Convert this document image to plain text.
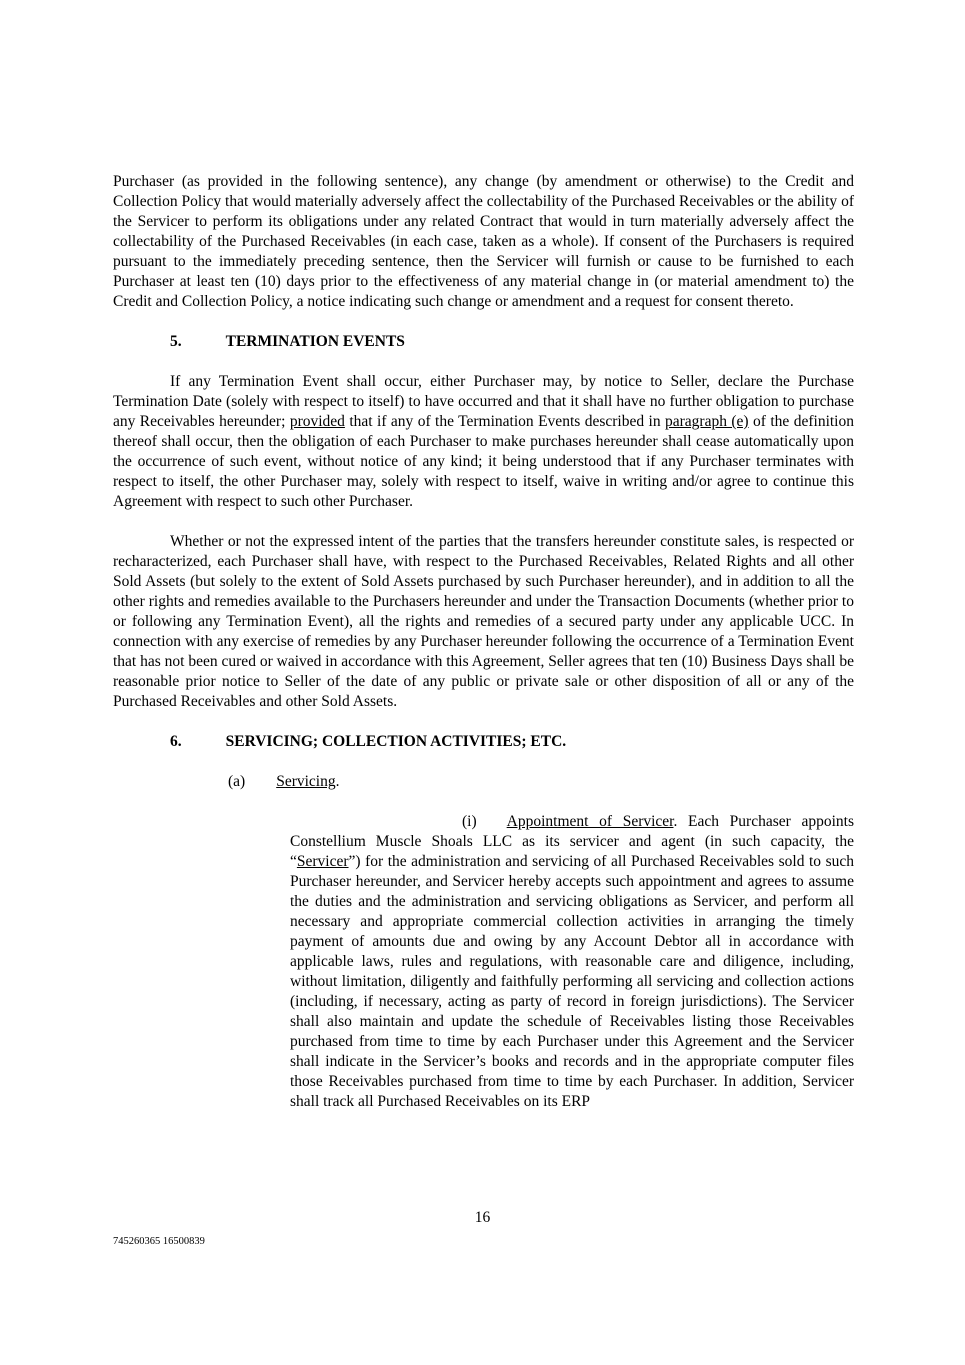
Purchaser (as provided in the following sentence), any change (by amendment or otherwise) to the Credit and Collection Policy that would materially adversely affect the collectability of the Purchased Receivables or the ability of the Servicer to perform its obligations under any related Contract that would in turn materially adversely affect the collectability of the Purchased Receivables (in each case, taken as a whole). If consent of the Purchasers is required pursuant to the immediately preceding sentence, then the Servicer will furnish or cause to be furnished to each Purchaser at least ten (10) days prior to the effectiveness of any material change in (or material amendment to) the Credit and Collection Policy, a notice indicating such change or amendment and a request for consent thereto.

5.	TERMINATION EVENTS

If any Termination Event shall occur, either Purchaser may, by notice to Seller, declare the Purchase Termination Date (solely with respect to itself) to have occurred and that it shall have no further obligation to purchase any Receivables hereunder; provided that if any of the Termination Events described in paragraph (e) of the definition thereof shall occur, then the obligation of each Purchaser to make purchases hereunder shall cease automatically upon the occurrence of such event, without notice of any kind; it being understood that if any Purchaser terminates with respect to itself, the other Purchaser may, solely with respect to itself, waive in writing and/or agree to continue this Agreement with respect to such other Purchaser.

Whether or not the expressed intent of the parties that the transfers hereunder constitute sales, is respected or recharacterized, each Purchaser shall have, with respect to the Purchased Receivables, Related Rights and all other Sold Assets (but solely to the extent of Sold Assets purchased by such Purchaser hereunder), and in addition to all the other rights and remedies available to the Purchasers hereunder and under the Transaction Documents (whether prior to or following any Termination Event), all the rights and remedies of a secured party under any applicable UCC. In connection with any exercise of remedies by any Purchaser hereunder following the occurrence of a Termination Event that has not been cured or waived in accordance with this Agreement, Seller agrees that ten (10) Business Days shall be reasonable prior notice to Seller of the date of any public or private sale or other disposition of all or any of the Purchased Receivables and other Sold Assets.

6.	SERVICING; COLLECTION ACTIVITIES; ETC.

(a) Servicing.

(i) Appointment of Servicer. Each Purchaser appoints Constellium Muscle Shoals LLC as its servicer and agent (in such capacity, the “Servicer”) for the administration and servicing of all Purchased Receivables sold to such Purchaser hereunder, and Servicer hereby accepts such appointment and agrees to assume the duties and the administration and servicing obligations as Servicer, and perform all necessary and appropriate commercial collection activities in arranging the timely payment of amounts due and owing by any Account Debtor all in accordance with applicable laws, rules and regulations, with reasonable care and diligence, including, without limitation, diligently and faithfully performing all servicing and collection actions (including, if necessary, acting as party of record in foreign jurisdictions). The Servicer shall also maintain and update the schedule of Receivables listing those Receivables purchased from time to time by each Purchaser under this Agreement and the Servicer shall indicate in the Servicer’s books and records and in the appropriate computer files those Receivables purchased from time to time by each Purchaser. In addition, Servicer shall track all Purchased Receivables on its ERP

16
745260365 16500839
